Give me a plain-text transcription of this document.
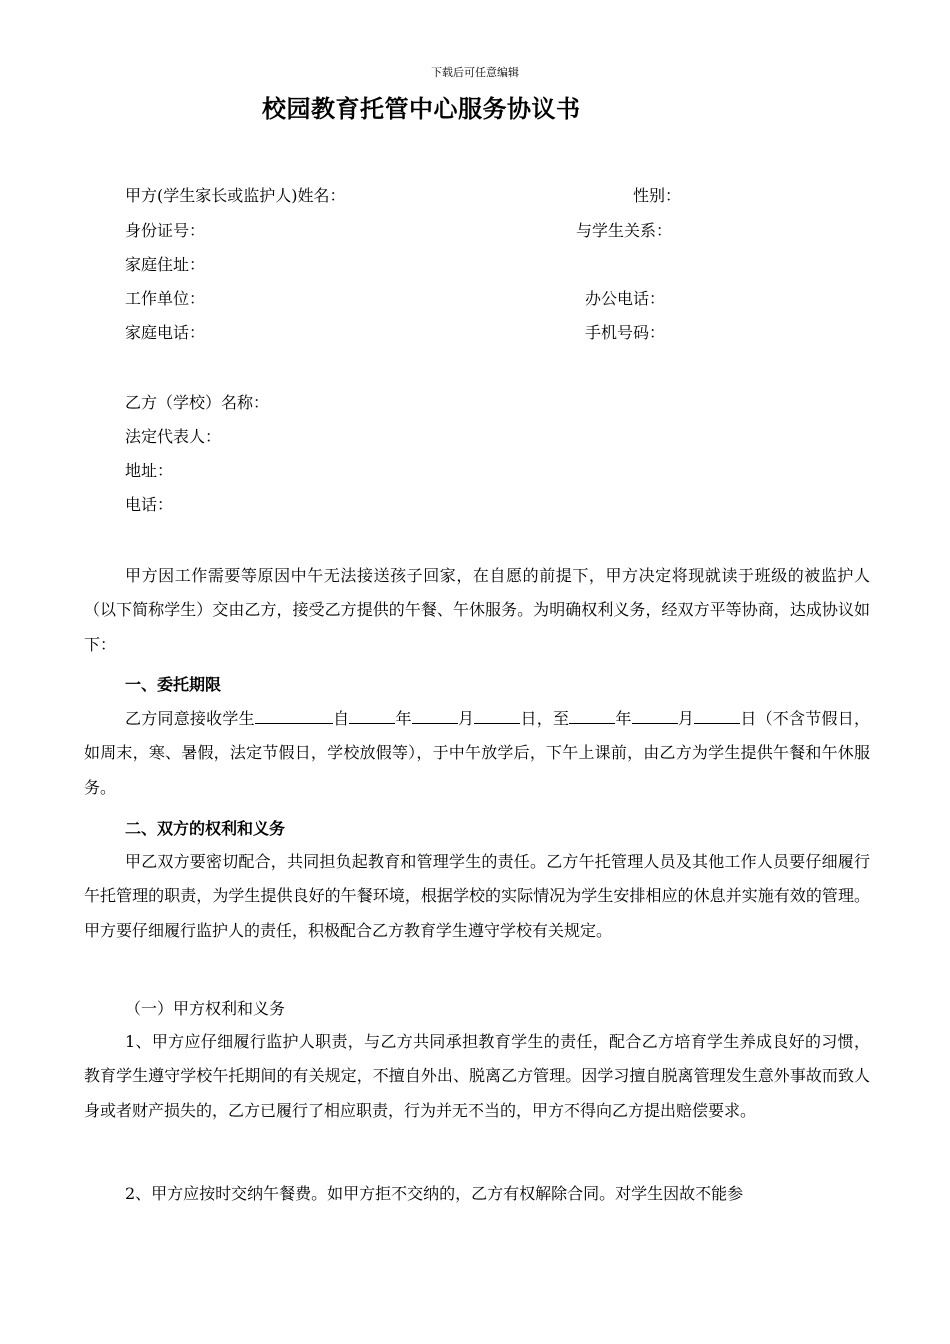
下载后可任意编辑
校园教育托管中心服务协议书
甲方(学生家长或监护人)姓名：	性别：
身份证号：	与学生关系：
家庭住址：
工作单位：	办公电话：
家庭电话：	手机号码：
乙方（学校）名称：
法定代表人：
地址：
电话：

甲方因工作需要等原因中午无法接送孩子回家，在自愿的前提下，甲方决定将现就读于班级的被监护人（以下简称学生）交由乙方，接受乙方提供的午餐、午休服务。为明确权利义务，经双方平等协商，达成协议如下：

一、委托期限

乙方同意接收学生	自	年	月	日，至	年	月	日（不含节假日，如周末，寒、暑假，法定节假日，学校放假等），于中午放学后，下午上课前，由乙方为学生提供午餐和午休服务。

二、双方的权利和义务

甲乙双方要密切配合，共同担负起教育和管理学生的责任。乙方午托管理人员及其他工作人员要仔细履行午托管理的职责，为学生提供良好的午餐环境，根据学校的实际情况为学生安排相应的休息并实施有效的管理。甲方要仔细履行监护人的责任，积极配合乙方教育学生遵守学校有关规定。

（一）甲方权利和义务

1、甲方应仔细履行监护人职责，与乙方共同承担教育学生的责任，配合乙方培育学生养成良好的习惯，教育学生遵守学校午托期间的有关规定，不擅自外出、脱离乙方管理。因学习擅自脱离管理发生意外事故而致人身或者财产损失的，乙方已履行了相应职责，行为并无不当的，甲方不得向乙方提出赔偿要求。

2、甲方应按时交纳午餐费。如甲方拒不交纳的，乙方有权解除合同。对学生因故不能参
